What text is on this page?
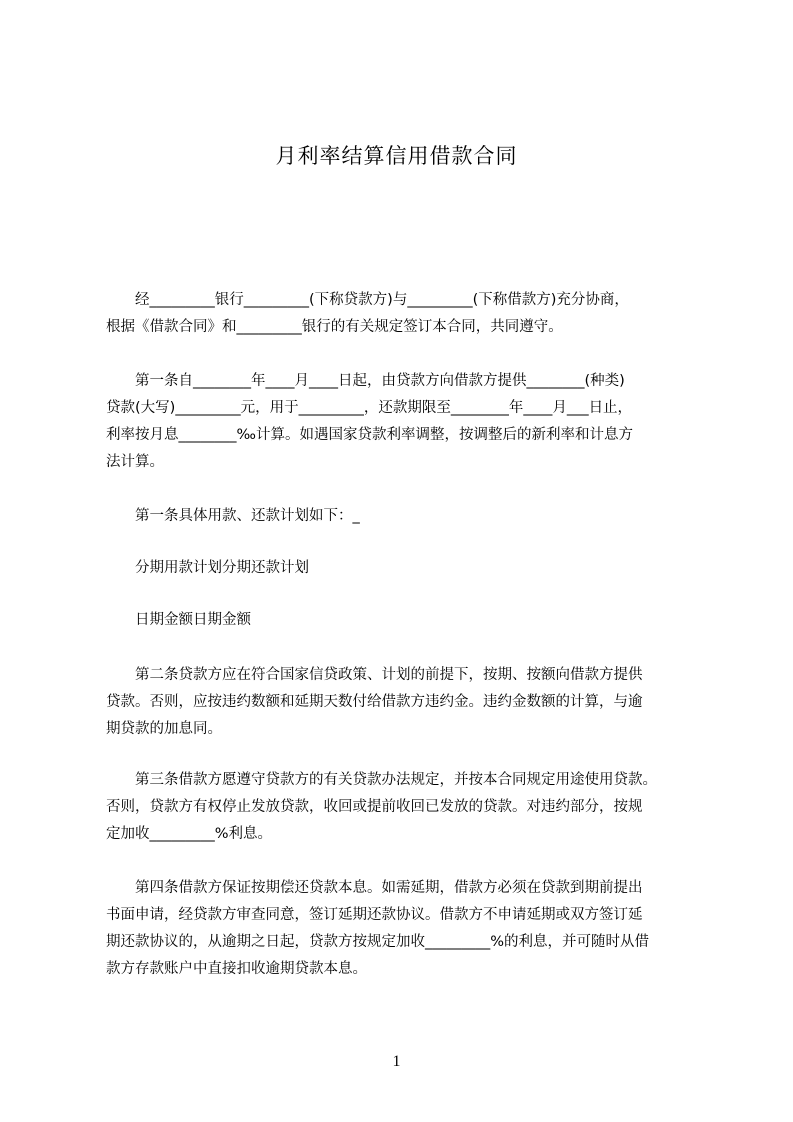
月利率结算信用借款合同
　　经_________银行_________(下称贷款方)与_________(下称借款方)充分协商，
根据《借款合同》和_________银行的有关规定签订本合同，共同遵守。
　　第一条自________年____月____日起，由贷款方向借款方提供________(种类)
贷款(大写)_________元，用于_________，还款期限至________年____月___日止，
利率按月息________‰计算。如遇国家贷款利率调整，按调整后的新利率和计息方
法计算。
　　第一条具体用款、还款计划如下：_
　　分期用款计划分期还款计划
　　日期金额日期金额
　　第二条贷款方应在符合国家信贷政策、计划的前提下，按期、按额向借款方提供
贷款。否则，应按违约数额和延期天数付给借款方违约金。违约金数额的计算，与逾
期贷款的加息同。
　　第三条借款方愿遵守贷款方的有关贷款办法规定，并按本合同规定用途使用贷款。
否则，贷款方有权停止发放贷款，收回或提前收回已发放的贷款。对违约部分，按规
定加收_________%利息。
　　第四条借款方保证按期偿还贷款本息。如需延期，借款方必须在贷款到期前提出
书面申请，经贷款方审查同意，签订延期还款协议。借款方不申请延期或双方签订延
期还款协议的，从逾期之日起，贷款方按规定加收_________%的利息，并可随时从借
款方存款账户中直接扣收逾期贷款本息。
1
